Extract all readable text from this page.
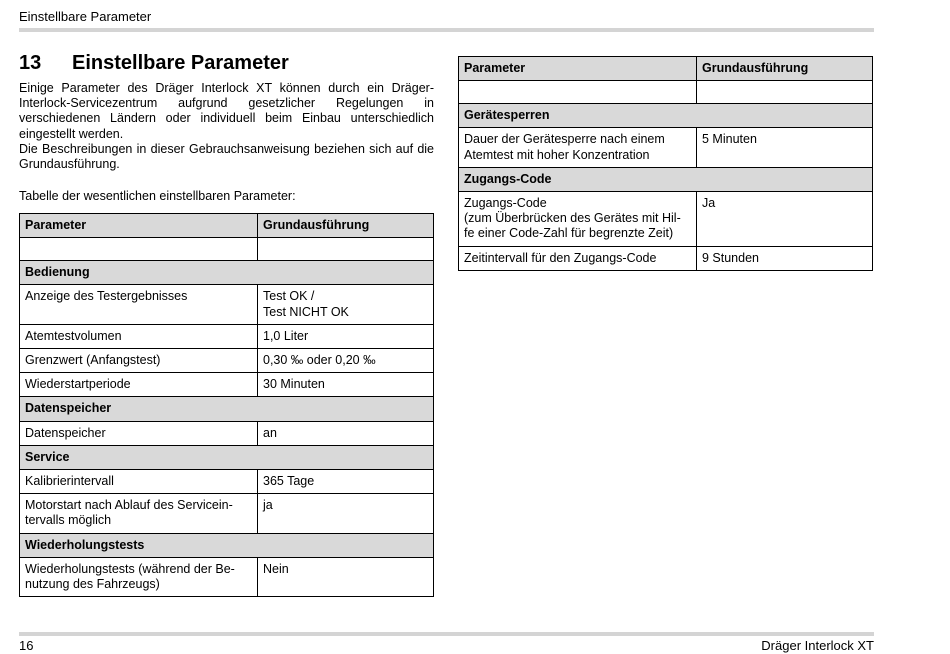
Einstellbare Parameter
13	Einstellbare Parameter

Einige Parameter des Dräger Interlock XT können durch ein Dräger-Interlock-Servicezentrum aufgrund gesetzlicher Regelungen in verschiedenen Ländern oder individuell beim Einbau unterschiedlich eingestellt werden.

Die Beschreibungen in dieser Gebrauchsanweisung beziehen sich auf die Grundausführung.

Tabelle der wesentlichen einstellbaren Parameter:

Parameter	Grundausführung

Bedienung	
Anzeige des Testergebnisses	Test OK /
Test NICHT OK
Atemtestvolumen	1,0 Liter
Grenzwert (Anfangstest)	0,30 ‰ oder 0,20 ‰
Wiederstartperiode	30 Minuten
Datenspeicher	
Datenspeicher	an
Service	
Kalibrierintervall	365 Tage
Motorstart nach Ablauf des Servicein-
tervalls möglich	ja
Wiederholungstests	
Wiederholungstests (während der Be-
nutzung des Fahrzeugs)	Nein
Parameter	Grundausführung

Gerätesperren	
Dauer der Gerätesperre nach einem
Atemtest mit hoher Konzentration	5 Minuten
Zugangs-Code	
Zugangs-Code
(zum Überbrücken des Gerätes mit Hil-
fe einer Code-Zahl für begrenzte Zeit)	Ja
Zeitintervall für den Zugangs-Code	9 Stunden
16	Dräger Interlock XT
